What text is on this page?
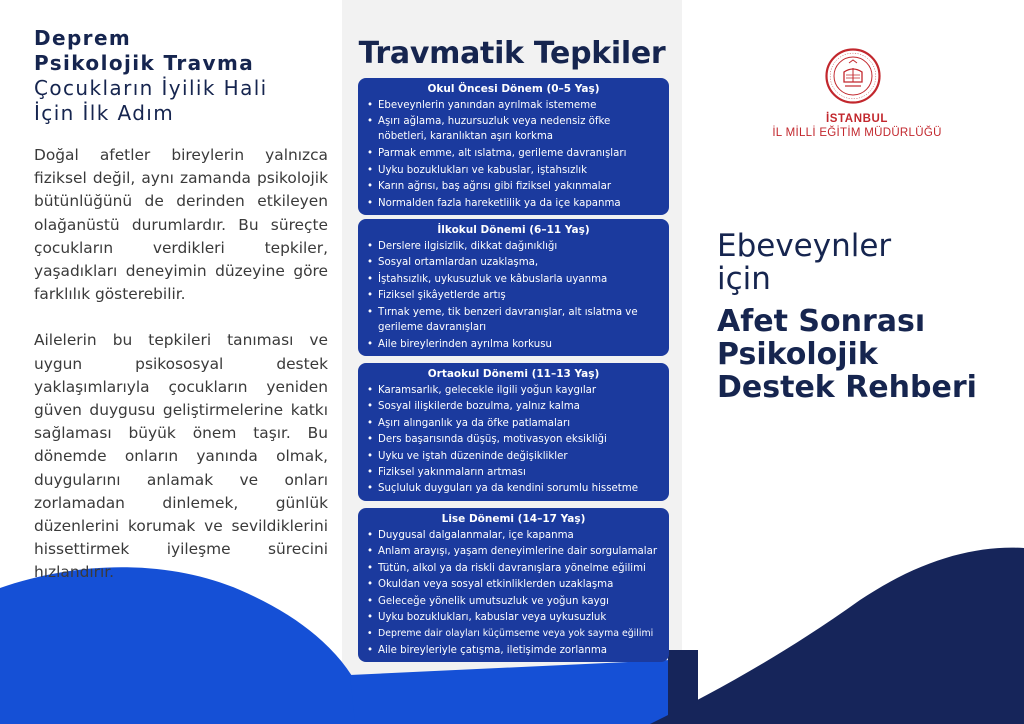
Deprem

Psikolojik Travma

Çocukların İyilik Hali

İçin İlk Adım

Doğal afetler bireylerin yalnızca fiziksel değil, aynı zamanda psikolojik bütünlüğünü de derinden etkileyen olağanüstü durumlardır. Bu süreçte çocukların verdikleri tepkiler, yaşadıkları deneyimin düzeyine göre farklılık gösterebilir.

Ailelerin bu tepkileri tanıması ve uygun psikososyal destek yaklaşımlarıyla çocukların yeniden güven duygusu geliştirmelerine katkı sağlaması büyük önem taşır. Bu dönemde onların yanında olmak, duygularını anlamak ve onları zorlamadan dinlemek, günlük düzenlerini korumak ve sevildiklerini hissettirmek iyileşme sürecini hızlandırır.

Travmatik Tepkiler

Okul Öncesi Dönem (0–5 Yaş)

• Ebeveynlerin yanından ayrılmak istememe
• Aşırı ağlama, huzursuzluk veya nedensiz öfke nöbetleri, karanlıktan aşırı korkma
• Parmak emme, alt ıslatma, gerileme davranışları
• Uyku bozuklukları ve kabuslar, iştahsızlık
• Karın ağrısı, baş ağrısı gibi fiziksel yakınmalar
• Normalden fazla hareketlilik ya da içe kapanma

İlkokul Dönemi (6–11 Yaş)

• Derslere ilgisizlik, dikkat dağınıklığı
• Sosyal ortamlardan uzaklaşma,
• İştahsızlık, uykusuzluk ve kâbuslarla uyanma
• Fiziksel şikâyetlerde artış
• Tırnak yeme, tik benzeri davranışlar, alt ıslatma ve gerileme davranışları
• Aile bireylerinden ayrılma korkusu

Ortaokul Dönemi (11–13 Yaş)

• Karamsarlık, gelecekle ilgili yoğun kaygılar
• Sosyal ilişkilerde bozulma, yalnız kalma
• Aşırı alınganlık ya da öfke patlamaları
• Ders başarısında düşüş, motivasyon eksikliği
• Uyku ve iştah düzeninde değişiklikler
• Fiziksel yakınmaların artması
• Suçluluk duyguları ya da kendini sorumlu hissetme

Lise Dönemi (14–17 Yaş)

• Duygusal dalgalanmalar, içe kapanma
• Anlam arayışı, yaşam deneyimlerine dair sorgulamalar
• Tütün, alkol ya da riskli davranışlara yönelme eğilimi
• Okuldan veya sosyal etkinliklerden uzaklaşma
• Geleceğe yönelik umutsuzluk ve yoğun kaygı
• Uyku bozuklukları, kabuslar veya uykusuzluk
• Depreme dair olayları küçümseme veya yok sayma eğilimi
• Aile bireyleriyle çatışma, iletişimde zorlanma

İSTANBUL

İL MİLLİ EĞİTİM MÜDÜRLÜĞÜ

Ebeveynler
için
Afet Sonrası
Psikolojik
Destek Rehberi
